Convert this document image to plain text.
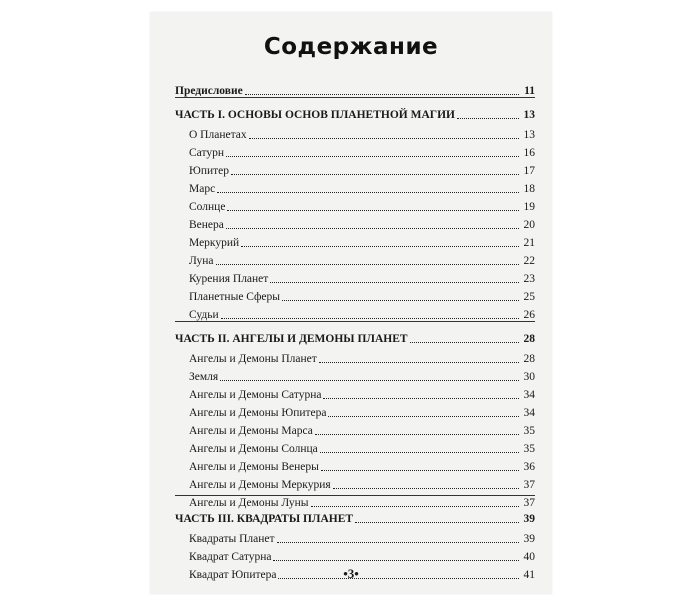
Содержание
Предисловие	11
ЧАСТЬ I. ОСНОВЫ ОСНОВ ПЛАНЕТНОЙ МАГИИ	13
О Планетах	13
Сатурн	16
Юпитер	17
Марс	18
Солнце	19
Венера	20
Меркурий	21
Луна	22
Курения Планет	23
Планетные Сферы	25
Судьи	26
ЧАСТЬ II. АНГЕЛЫ И ДЕМОНЫ ПЛАНЕТ	28
Ангелы и Демоны Планет	28
Земля	30
Ангелы и Демоны Сатурна	34
Ангелы и Демоны Юпитера	34
Ангелы и Демоны Марса	35
Ангелы и Демоны Солнца	35
Ангелы и Демоны Венеры	36
Ангелы и Демоны Меркурия	37
Ангелы и Демоны Луны	37
ЧАСТЬ III. КВАДРАТЫ ПЛАНЕТ	39
Квадраты Планет	39
Квадрат Сатурна	40
Квадрат Юпитера	41
•3•
